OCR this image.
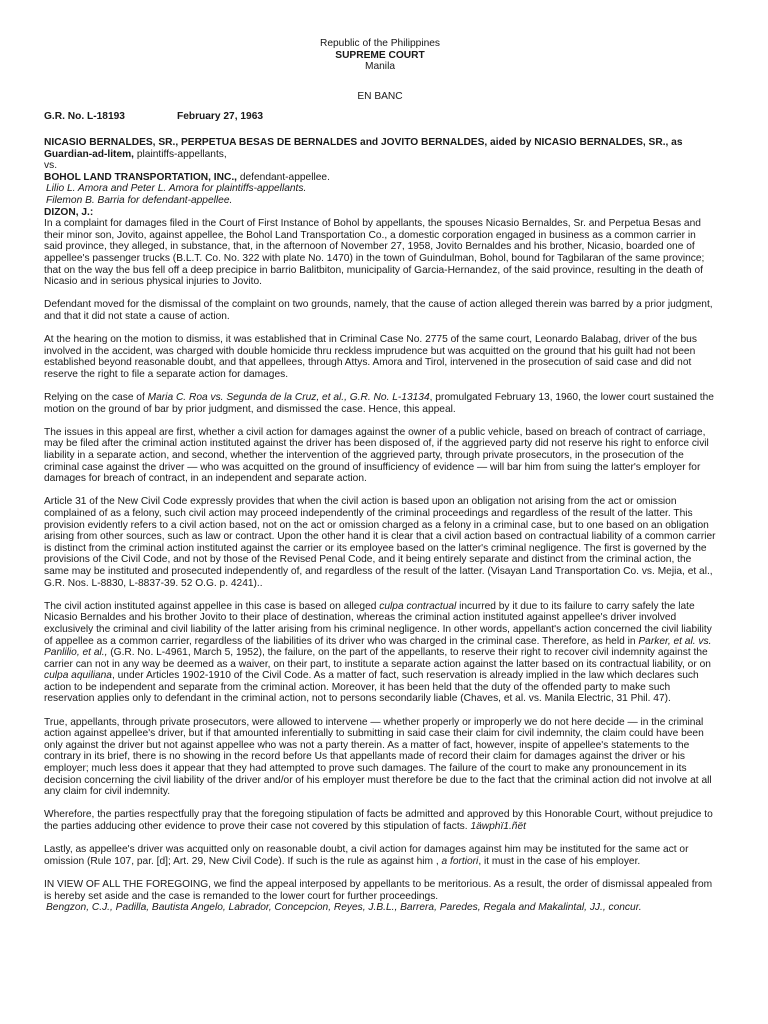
Republic of the Philippines

SUPREME COURT

Manila

EN BANC

G.R. No. L-18193	February 27, 1963

NICASIO BERNALDES, SR., PERPETUA BESAS DE BERNALDES and JOVITO BERNALDES, aided by NICASIO BERNALDES, SR., as Guardian-ad-litem, plaintiffs-appellants,

vs.

BOHOL LAND TRANSPORTATION, INC., defendant-appellee.

Lilio L. Amora and Peter L. Amora for plaintiffs-appellants.

Filemon B. Barria for defendant-appellee.

DIZON, J.:

In a complaint for damages filed in the Court of First Instance of Bohol by appellants, the spouses Nicasio Bernaldes, Sr. and Perpetua Besas and their minor son, Jovito, against appellee, the Bohol Land Transportation Co., a domestic corporation engaged in business as a common carrier in said province, they alleged, in substance, that, in the afternoon of November 27, 1958, Jovito Bernaldes and his brother, Nicasio, boarded one of appellee's passenger trucks (B.L.T. Co. No. 322 with plate No. 1470) in the town of Guindulman, Bohol, bound for Tagbilaran of the same province; that on the way the bus fell off a deep precipice in barrio Balitbiton, municipality of Garcia-Hernandez, of the said province, resulting in the death of Nicasio and in serious physical injuries to Jovito.

Defendant moved for the dismissal of the complaint on two grounds, namely, that the cause of action alleged therein was barred by a prior judgment, and that it did not state a cause of action.

At the hearing on the motion to dismiss, it was established that in Criminal Case No. 2775 of the same court, Leonardo Balabag, driver of the bus involved in the accident, was charged with double homicide thru reckless imprudence but was acquitted on the ground that his guilt had not been established beyond reasonable doubt, and that appellees, through Attys. Amora and Tirol, intervened in the prosecution of said case and did not reserve the right to file a separate action for damages.

Relying on the case of Maria C. Roa vs. Segunda de la Cruz, et al., G.R. No. L-13134, promulgated February 13, 1960, the lower court sustained the motion on the ground of bar by prior judgment, and dismissed the case. Hence, this appeal.

The issues in this appeal are first, whether a civil action for damages against the owner of a public vehicle, based on breach of contract of carriage, may be filed after the criminal action instituted against the driver has been disposed of, if the aggrieved party did not reserve his right to enforce civil liability in a separate action, and second, whether the intervention of the aggrieved party, through private prosecutors, in the prosecution of the criminal case against the driver — who was acquitted on the ground of insufficiency of evidence — will bar him from suing the latter's employer for damages for breach of contract, in an independent and separate action.

Article 31 of the New Civil Code expressly provides that when the civil action is based upon an obligation not arising from the act or omission complained of as a felony, such civil action may proceed independently of the criminal proceedings and regardless of the result of the latter. This provision evidently refers to a civil action based, not on the act or omission charged as a felony in a criminal case, but to one based on an obligation arising from other sources, such as law or contract. Upon the other hand it is clear that a civil action based on contractual liability of a common carrier is distinct from the criminal action instituted against the carrier or its employee based on the latter's criminal negligence. The first is governed by the provisions of the Civil Code, and not by those of the Revised Penal Code, and it being entirely separate and distinct from the criminal action, the same may be instituted and prosecuted independently of, and regardless of the result of the latter. (Visayan Land Transportation Co. vs. Mejia, et al., G.R. Nos. L-8830, L-8837-39. 52 O.G. p. 4241)..

The civil action instituted against appellee in this case is based on alleged culpa contractual incurred by it due to its failure to carry safely the late Nicasio Bernaldes and his brother Jovito to their place of destination, whereas the criminal action instituted against appellee's driver involved exclusively the criminal and civil liability of the latter arising from his criminal negligence. In other words, appellant's action concerned the civil liability of appellee as a common carrier, regardless of the liabilities of its driver who was charged in the criminal case. Therefore, as held in Parker, et al. vs. Panlilio, et al., (G.R. No. L-4961, March 5, 1952), the failure, on the part of the appellants, to reserve their right to recover civil indemnity against the carrier can not in any way be deemed as a waiver, on their part, to institute a separate action against the latter based on its contractual liability, or on culpa aquiliana, under Articles 1902-1910 of the Civil Code. As a matter of fact, such reservation is already implied in the law which declares such action to be independent and separate from the criminal action. Moreover, it has been held that the duty of the offended party to make such reservation applies only to defendant in the criminal action, not to persons secondarily liable (Chaves, et al. vs. Manila Electric, 31 Phil. 47).

True, appellants, through private prosecutors, were allowed to intervene — whether properly or improperly we do not here decide — in the criminal action against appellee's driver, but if that amounted inferentially to submitting in said case their claim for civil indemnity, the claim could have been only against the driver but not against appellee who was not a party therein. As a matter of fact, however, inspite of appellee's statements to the contrary in its brief, there is no showing in the record before Us that appellants made of record their claim for damages against the driver or his employer; much less does it appear that they had attempted to prove such damages. The failure of the court to make any pronouncement in its decision concerning the civil liability of the driver and/or of his employer must therefore be due to the fact that the criminal action did not involve at all any claim for civil indemnity.

Wherefore, the parties respectfully pray that the foregoing stipulation of facts be admitted and approved by this Honorable Court, without prejudice to the parties adducing other evidence to prove their case not covered by this stipulation of facts. 1äwphï1.ñët

Lastly, as appellee's driver was acquitted only on reasonable doubt, a civil action for damages against him may be instituted for the same act or omission (Rule 107, par. [d]; Art. 29, New Civil Code). If such is the rule as against him , a fortiori, it must in the case of his employer.

IN VIEW OF ALL THE FOREGOING, we find the appeal interposed by appellants to be meritorious. As a result, the order of dismissal appealed from is hereby set aside and the case is remanded to the lower court for further proceedings.

Bengzon, C.J., Padilla, Bautista Angelo, Labrador, Concepcion, Reyes, J.B.L., Barrera, Paredes, Regala and Makalintal, JJ., concur.
